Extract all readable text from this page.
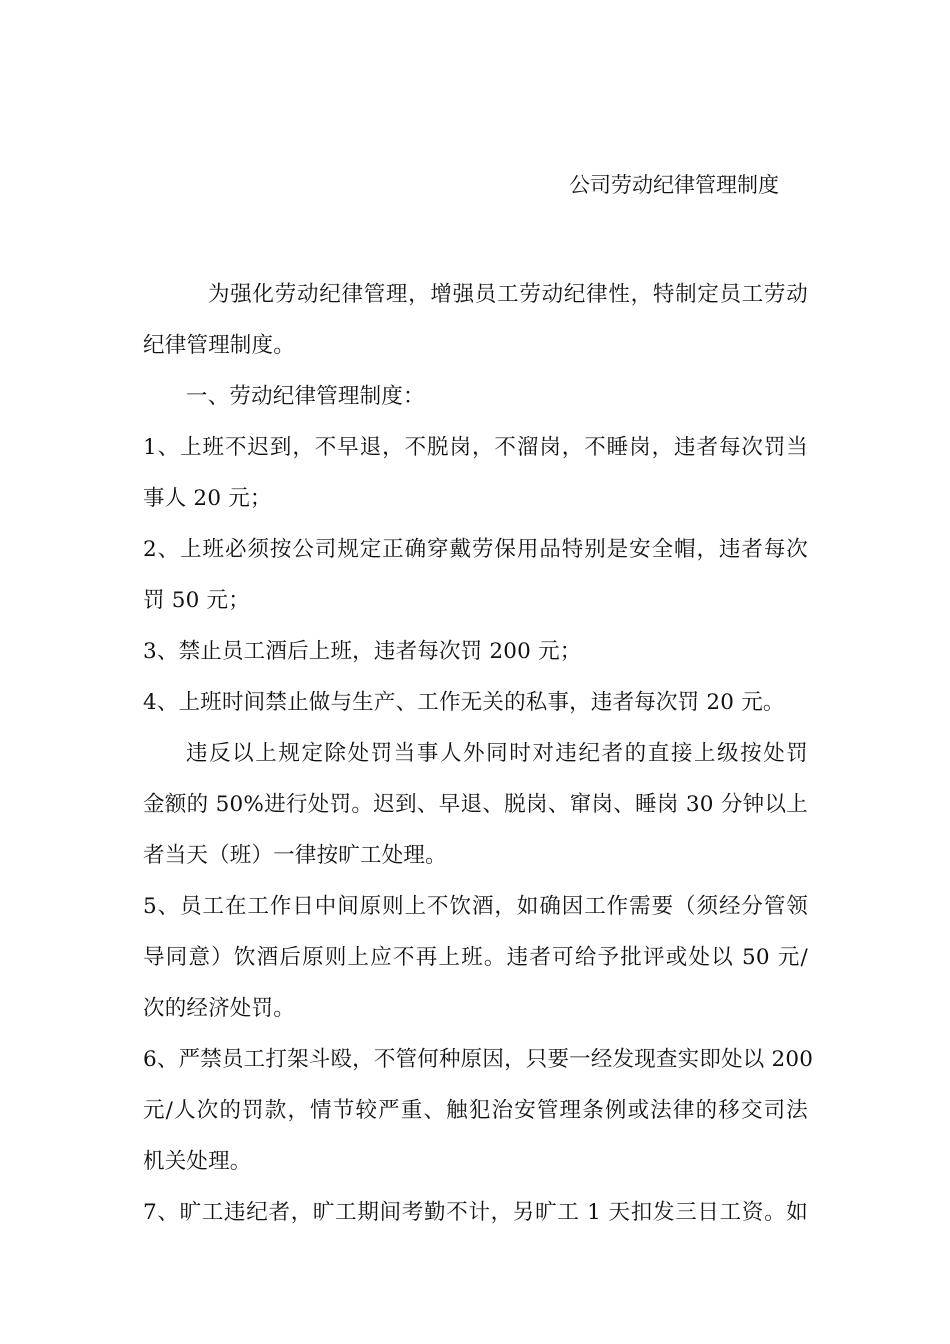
公司劳动纪律管理制度
为强化劳动纪律管理，增强员工劳动纪律性，特制定员工劳动
纪律管理制度。
一、劳动纪律管理制度：
1、上班不迟到，不早退，不脱岗，不溜岗，不睡岗，违者每次罚当
事人 20 元；
2、上班必须按公司规定正确穿戴劳保用品特别是安全帽，违者每次
罚 50 元；
3、禁止员工酒后上班，违者每次罚 200 元；
4、上班时间禁止做与生产、工作无关的私事，违者每次罚 20 元。
违反以上规定除处罚当事人外同时对违纪者的直接上级按处罚
金额的 50%进行处罚。迟到、早退、脱岗、窜岗、睡岗 30 分钟以上
者当天（班）一律按旷工处理。
5、员工在工作日中间原则上不饮酒，如确因工作需要（须经分管领
导同意）饮酒后原则上应不再上班。违者可给予批评或处以 50 元/
次的经济处罚。
6、严禁员工打架斗殴，不管何种原因，只要一经发现查实即处以 200
元/人次的罚款，情节较严重、触犯治安管理条例或法律的移交司法
机关处理。
7、旷工违纪者，旷工期间考勤不计，另旷工 1 天扣发三日工资。如
